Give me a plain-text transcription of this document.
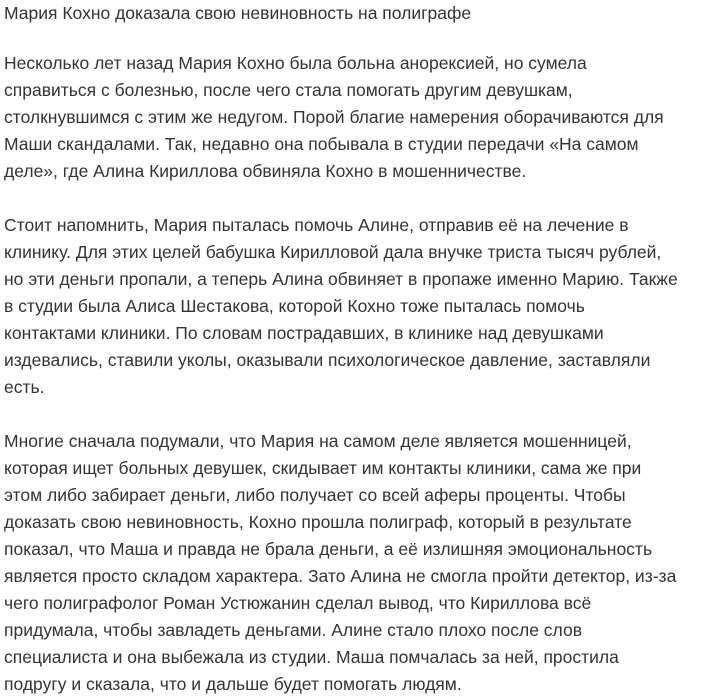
Мария Кохно доказала свою невиновность на полиграфе

Несколько лет назад Мария Кохно была больна анорексией, но сумела
справиться с болезнью, после чего стала помогать другим девушкам,
столкнувшимся с этим же недугом. Порой благие намерения оборачиваются для
Маши скандалами. Так, недавно она побывала в студии передачи «На самом
деле», где Алина Кириллова обвиняла Кохно в мошенничестве.

Стоит напомнить, Мария пыталась помочь Алине, отправив её на лечение в
клинику. Для этих целей бабушка Кирилловой дала внучке триста тысяч рублей,
но эти деньги пропали, а теперь Алина обвиняет в пропаже именно Марию. Также
в студии была Алиса Шестакова, которой Кохно тоже пыталась помочь
контактами клиники. По словам пострадавших, в клинике над девушками
издевались, ставили уколы, оказывали психологическое давление, заставляли
есть.

Многие сначала подумали, что Мария на самом деле является мошенницей,
которая ищет больных девушек, скидывает им контакты клиники, сама же при
этом либо забирает деньги, либо получает со всей аферы проценты. Чтобы
доказать свою невиновность, Кохно прошла полиграф, который в результате
показал, что Маша и правда не брала деньги, а её излишняя эмоциональность
является просто складом характера. Зато Алина не смогла пройти детектор, из-за
чего полиграфолог Роман Устюжанин сделал вывод, что Кириллова всё
придумала, чтобы завладеть деньгами. Алине стало плохо после слов
специалиста и она выбежала из студии. Маша помчалась за ней, простила
подругу и сказала, что и дальше будет помогать людям.
